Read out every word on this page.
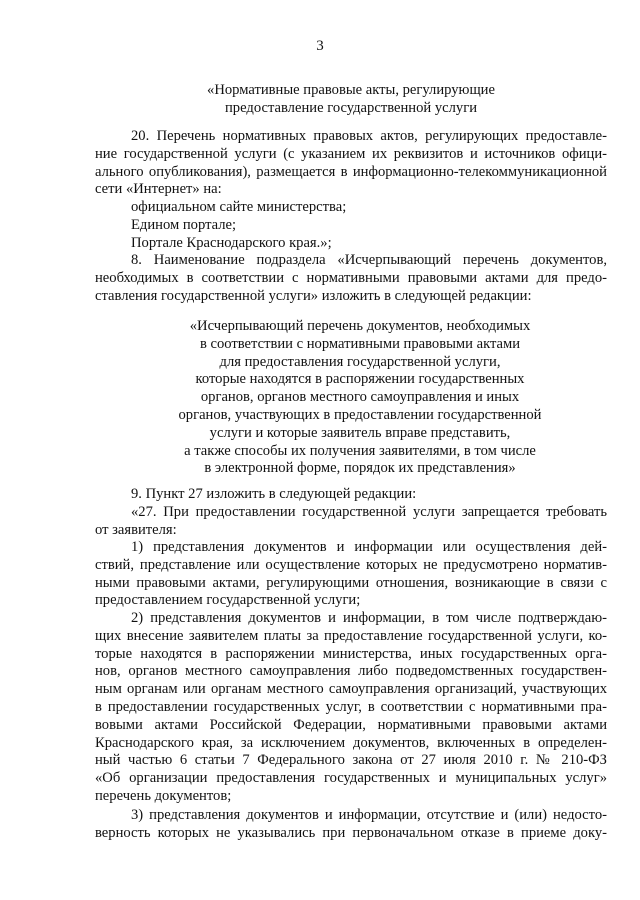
3
«Нормативные правовые акты, регулирующие
предоставление государственной услуги
20. Перечень нормативных правовых актов, регулирующих предоставле-
ние государственной услуги (с указанием их реквизитов и источников офици-
ального опубликования), размещается в информационно-телекоммуникационной
сети «Интернет» на:
официальном сайте министерства;
Едином портале;
Портале Краснодарского края.»;
8. Наименование подраздела «Исчерпывающий перечень документов,
необходимых в соответствии с нормативными правовыми актами для предо-
ставления государственной услуги» изложить в следующей редакции:
«Исчерпывающий перечень документов, необходимых
в соответствии с нормативными правовыми актами
для предоставления государственной услуги,
которые находятся в распоряжении государственных
органов, органов местного самоуправления и иных
органов, участвующих в предоставлении государственной
услуги и которые заявитель вправе представить,
а также способы их получения заявителями, в том числе
в электронной форме, порядок их представления»
9. Пункт 27 изложить в следующей редакции:
«27. При предоставлении государственной услуги запрещается требовать
от заявителя:
1) представления документов и информации или осуществления дей-
ствий, представление или осуществление которых не предусмотрено норматив-
ными правовыми актами, регулирующими отношения, возникающие в связи с
предоставлением государственной услуги;
2) представления документов и информации, в том числе подтверждаю-
щих внесение заявителем платы за предоставление государственной услуги, ко-
торые находятся в распоряжении министерства, иных государственных орга-
нов, органов местного самоуправления либо подведомственных государствен-
ным органам или органам местного самоуправления организаций, участвующих
в предоставлении государственных услуг, в соответствии с нормативными пра-
вовыми актами Российской Федерации, нормативными правовыми актами
Краснодарского края, за исключением документов, включенных в определен-
ный частью 6 статьи 7 Федерального закона от 27 июля 2010 г. № 210-ФЗ
«Об организации предоставления государственных и муниципальных услуг»
перечень документов;
3) представления документов и информации, отсутствие и (или) недосто-
верность которых не указывались при первоначальном отказе в приеме доку-
